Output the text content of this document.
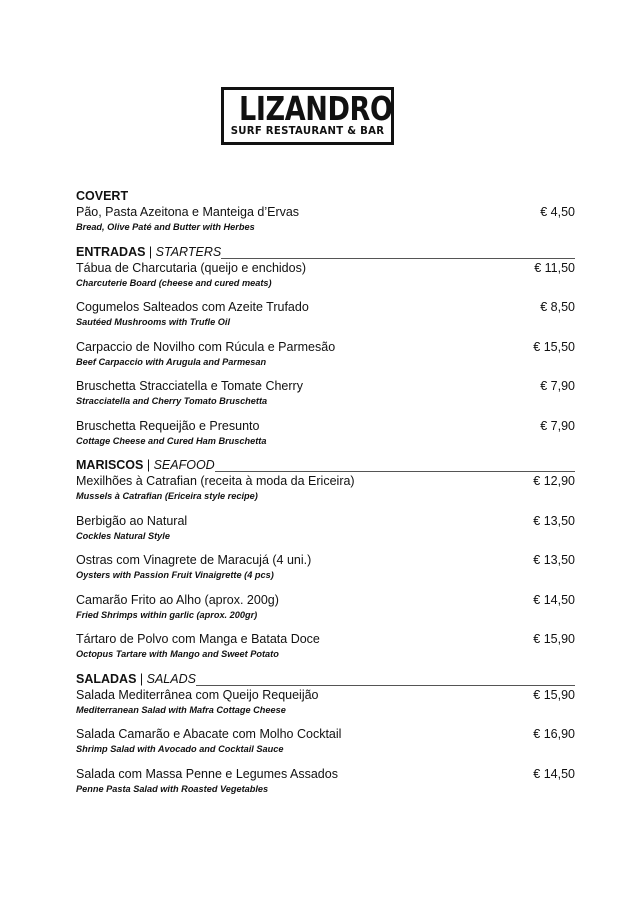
LIZANDRO
SURF RESTAURANT & BAR
COVERT
Pão, Pasta Azeitona e Manteiga d’Ervas
Bread, Olive Paté and Butter with Herbes
€ 4,50
ENTRADAS | STARTERS
Tábua de Charcutaria (queijo e enchidos)
Charcuterie Board (cheese and cured meats)
€ 11,50
Cogumelos Salteados com Azeite Trufado
Sautéed Mushrooms with Trufle Oil
€ 8,50
Carpaccio de Novilho com Rúcula e Parmesão
Beef Carpaccio with Arugula and Parmesan
€ 15,50
Bruschetta Stracciatella e Tomate Cherry
Stracciatella and Cherry Tomato Bruschetta
€ 7,90
Bruschetta Requeijão e Presunto
Cottage Cheese and Cured Ham Bruschetta
€ 7,90
MARISCOS | SEAFOOD
Mexilhões à Catrafian (receita à moda da Ericeira)
Mussels à Catrafian (Ericeira style recipe)
€ 12,90
Berbigão ao Natural
Cockles Natural Style
€ 13,50
Ostras com Vinagrete de Maracujá (4 uni.)
Oysters with Passion Fruit Vinaigrette (4 pcs)
€ 13,50
Camarão Frito ao Alho (aprox. 200g)
Fried Shrimps within garlic (aprox. 200gr)
€ 14,50
Tártaro de Polvo com Manga e Batata Doce
Octopus Tartare with Mango and Sweet Potato
€ 15,90
SALADAS | SALADS
Salada Mediterrânea com Queijo Requeijão
Mediterranean Salad with Mafra Cottage Cheese
€ 15,90
Salada Camarão e Abacate com Molho Cocktail
Shrimp Salad with Avocado and Cocktail Sauce
€ 16,90
Salada com Massa Penne e Legumes Assados
Penne Pasta Salad with Roasted Vegetables
€ 14,50
